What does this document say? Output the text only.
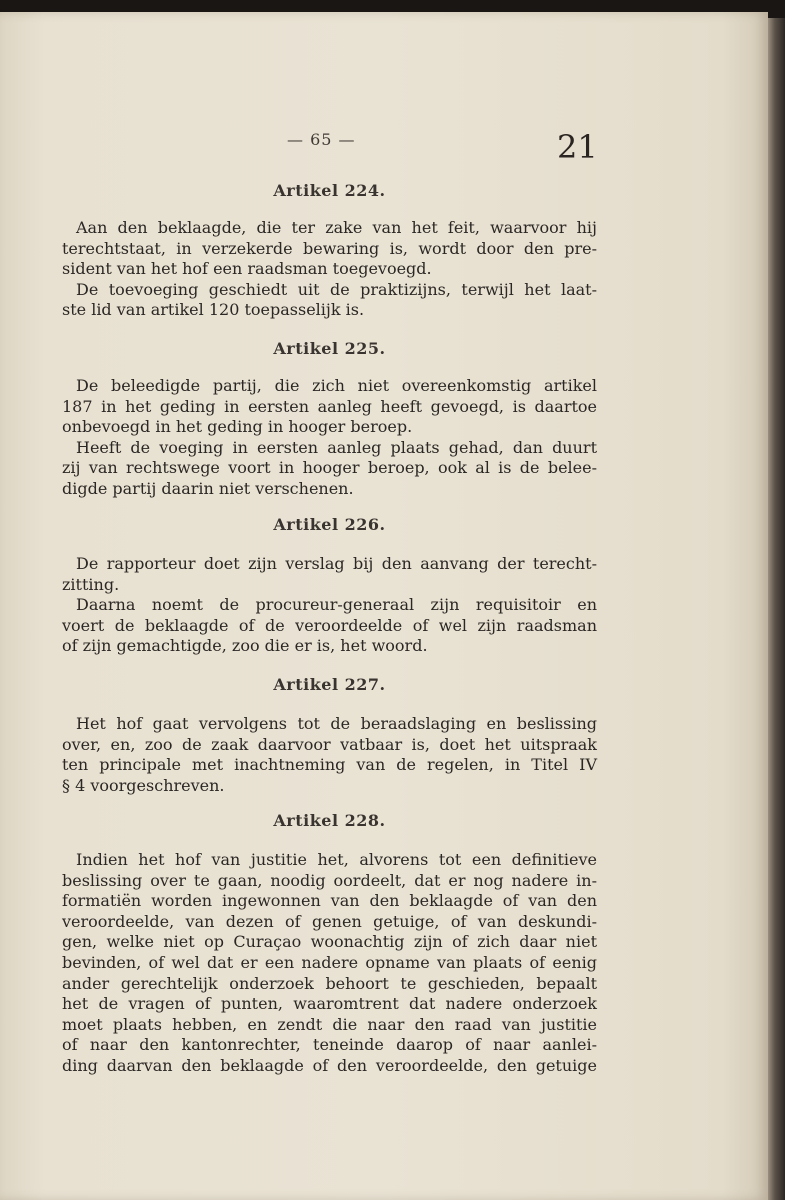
— 65 —	21
Artikel 224.

Aan den beklaagde, die ter zake van het feit, waarvoor hij
terechtstaat, in verzekerde bewaring is, wordt door den pre-
sident van het hof een raadsman toegevoegd.

De toevoeging geschiedt uit de praktizijns, terwijl het laat-
ste lid van artikel 120 toepasselijk is.

Artikel 225.

De beleedigde partij, die zich niet overeenkomstig artikel
187 in het geding in eersten aanleg heeft gevoegd, is daartoe
onbevoegd in het geding in hooger beroep.

Heeft de voeging in eersten aanleg plaats gehad, dan duurt
zij van rechtswege voort in hooger beroep, ook al is de belee-
digde partij daarin niet verschenen.

Artikel 226.

De rapporteur doet zijn verslag bij den aanvang der terecht-
zitting.

Daarna noemt de procureur-generaal zijn requisitoir en
voert de beklaagde of de veroordeelde of wel zijn raadsman
of zijn gemachtigde, zoo die er is, het woord.

Artikel 227.

Het hof gaat vervolgens tot de beraadslaging en beslissing
over, en, zoo de zaak daarvoor vatbaar is, doet het uitspraak
ten principale met inachtneming van de regelen, in Titel IV
§ 4 voorgeschreven.

Artikel 228.

Indien het hof van justitie het, alvorens tot een definitieve
beslissing over te gaan, noodig oordeelt, dat er nog nadere in-
formatiën worden ingewonnen van den beklaagde of van den
veroordeelde, van dezen of genen getuige, of van deskundi-
gen, welke niet op Curaçao woonachtig zijn of zich daar niet
bevinden, of wel dat er een nadere opname van plaats of eenig
ander gerechtelijk onderzoek behoort te geschieden, bepaalt
het de vragen of punten, waaromtrent dat nadere onderzoek
moet plaats hebben, en zendt die naar den raad van justitie
of naar den kantonrechter, teneinde daarop of naar aanlei-
ding daarvan den beklaagde of den veroordeelde, den getuige
